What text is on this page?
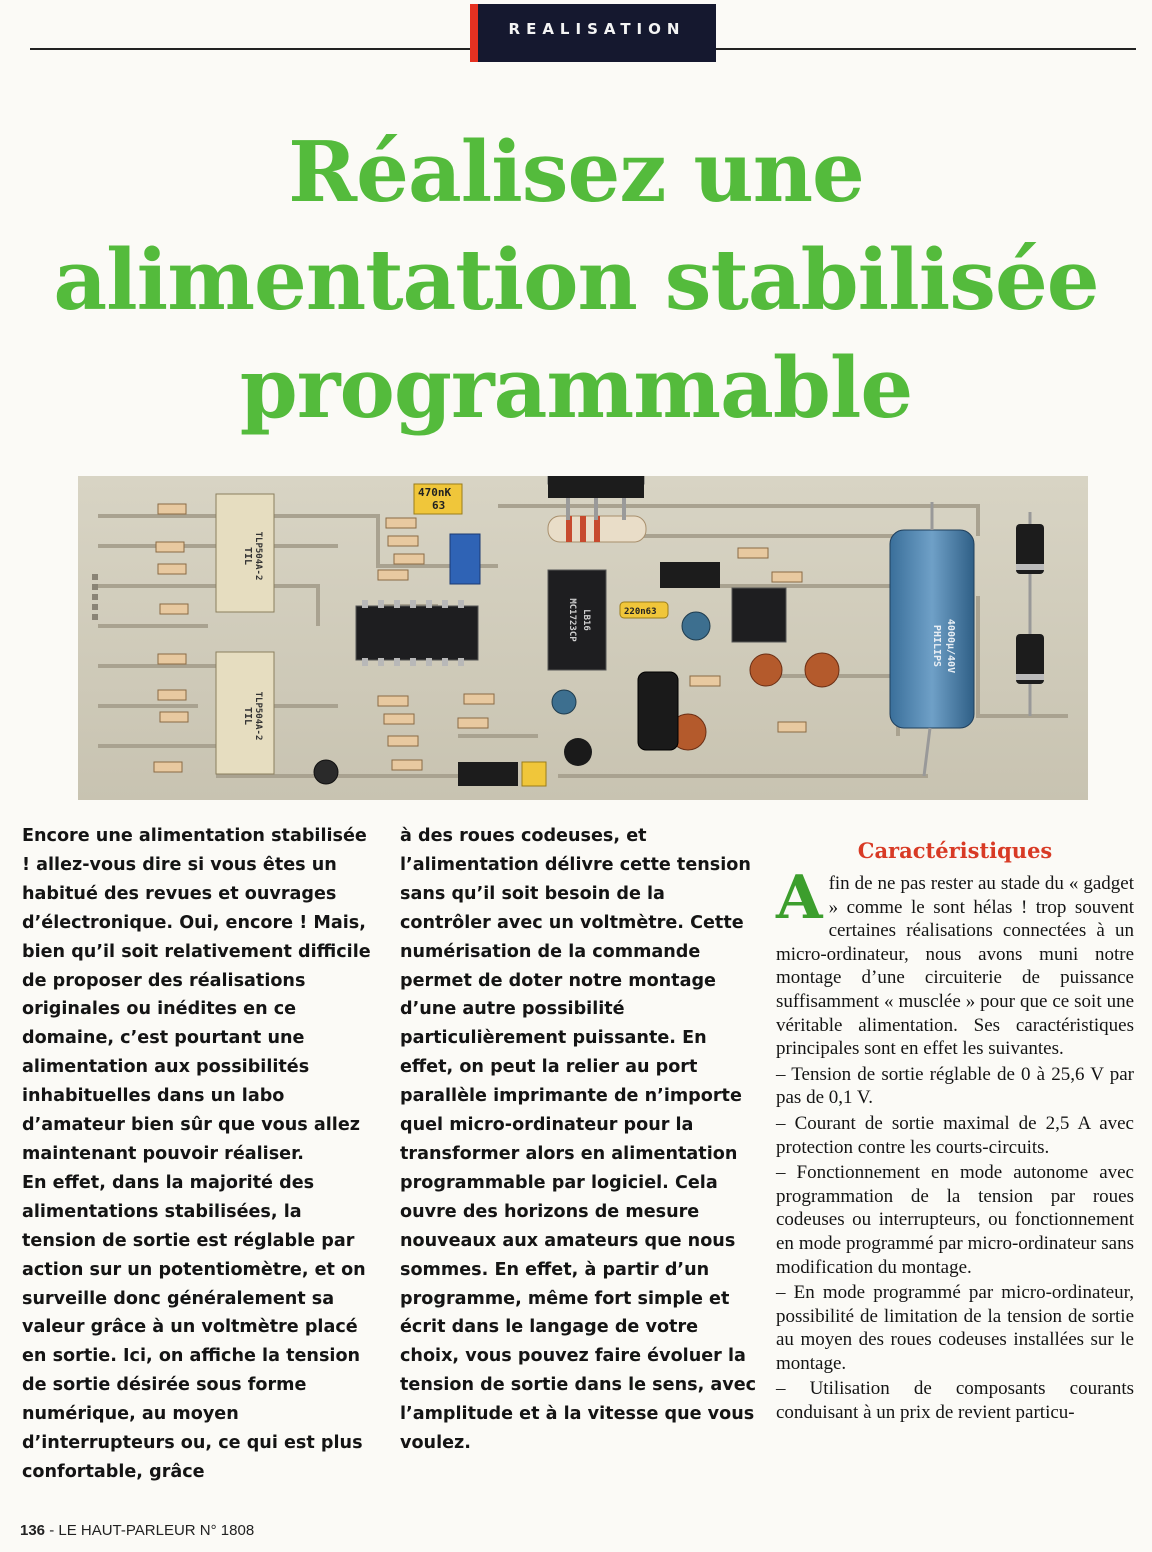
REALISATION
Réalisez une
alimentation stabilisée
programmable
TIL TLP504A-2
TIL TLP504A-2
470nK
63
MC1723CP LB16	220n63
PHILIPS 4000µ/40V

Encore une alimentation stabilisée ! allez-vous dire si vous êtes un habitué des revues et ouvrages d’électronique. Oui, encore ! Mais, bien qu’il soit relativement difficile de proposer des réalisations originales ou inédites en ce domaine, c’est pourtant une alimentation aux possibilités inhabituelles dans un labo d’amateur bien sûr que vous allez maintenant pouvoir réaliser.

En effet, dans la majorité des alimentations stabilisées, la tension de sortie est réglable par action sur un potentiomètre, et on surveille donc généralement sa valeur grâce à un voltmètre placé en sortie. Ici, on affiche la tension de sortie désirée sous forme numérique, au moyen d’interrupteurs ou, ce qui est plus confortable, grâce

à des roues codeuses, et l’alimentation délivre cette tension sans qu’il soit besoin de la contrôler avec un voltmètre. Cette numérisation de la commande permet de doter notre montage d’une autre possibilité particulièrement puissante. En effet, on peut la relier au port parallèle imprimante de n’importe quel micro-ordinateur pour la transformer alors en alimentation programmable par logiciel. Cela ouvre des horizons de mesure nouveaux aux amateurs que nous sommes. En effet, à partir d’un programme, même fort simple et écrit dans le langage de votre choix, vous pouvez faire évoluer la tension de sortie dans le sens, avec l’amplitude et à la vitesse que vous voulez.

Caractéristiques

Afin de ne pas rester au stade du « gadget » comme le sont hélas ! trop souvent certaines réalisations connectées à un micro-ordinateur, nous avons muni notre montage d’une circuiterie de puissance suffisamment « musclée » pour que ce soit une véritable alimentation. Ses caractéristiques principales sont en effet les suivantes.

– Tension de sortie réglable de 0 à 25,6 V par pas de 0,1 V.

– Courant de sortie maximal de 2,5 A avec protection contre les courts-circuits.

– Fonctionnement en mode autonome avec programmation de la tension par roues codeuses ou interrupteurs, ou fonctionnement en mode programmé par micro-ordinateur sans modification du montage.

– En mode programmé par micro-ordinateur, possibilité de limitation de la tension de sortie au moyen des roues codeuses installées sur le montage.

– Utilisation de composants courants conduisant à un prix de revient particu-

136 - LE HAUT-PARLEUR N° 1808
